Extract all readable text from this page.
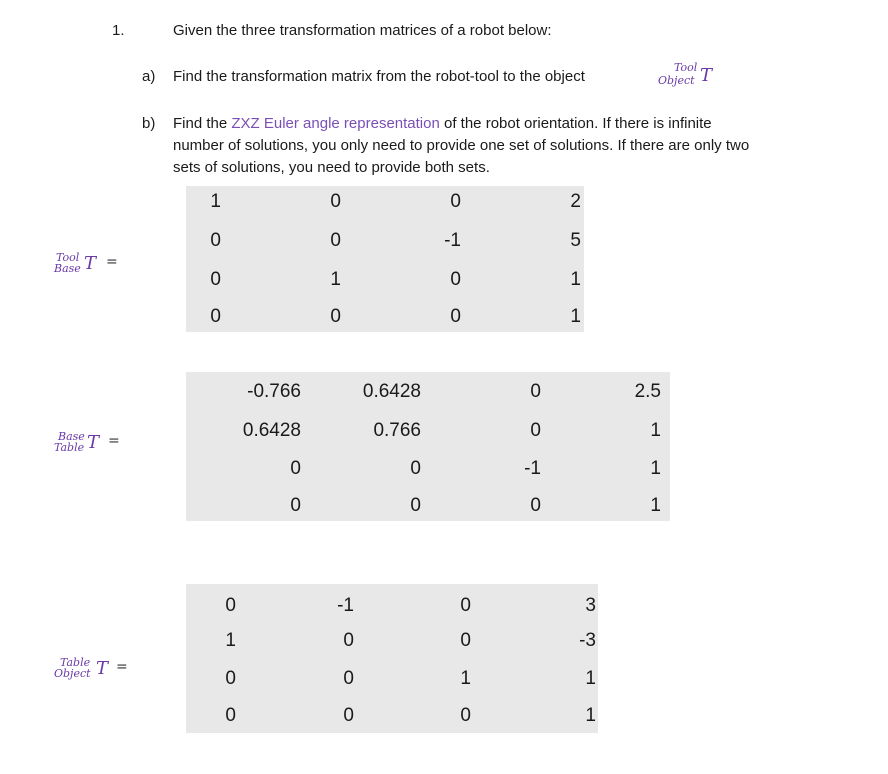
1.	Given the three transformation matrices of a robot below:
a) Find the transformation matrix from the robot-tool to the object
Tool T
Object
b) Find the ZXZ Euler angle representation of the robot orientation. If there is infinite
number of solutions, you only need to provide one set of solutions. If there are only two
sets of solutions, you need to provide both sets.
Tool T
Base =
1	0	0	2
0	0	-1	5
0	1	0	1
0	0	0	1
Base T
Table =
-0.766	0.6428	0	2.5
0.6428	0.766	0	1
0	0	-1	1
0	0	0	1
Table T
Object =
0	-1	0	3
1	0	0	-3
0	0	1	1
0	0	0	1
